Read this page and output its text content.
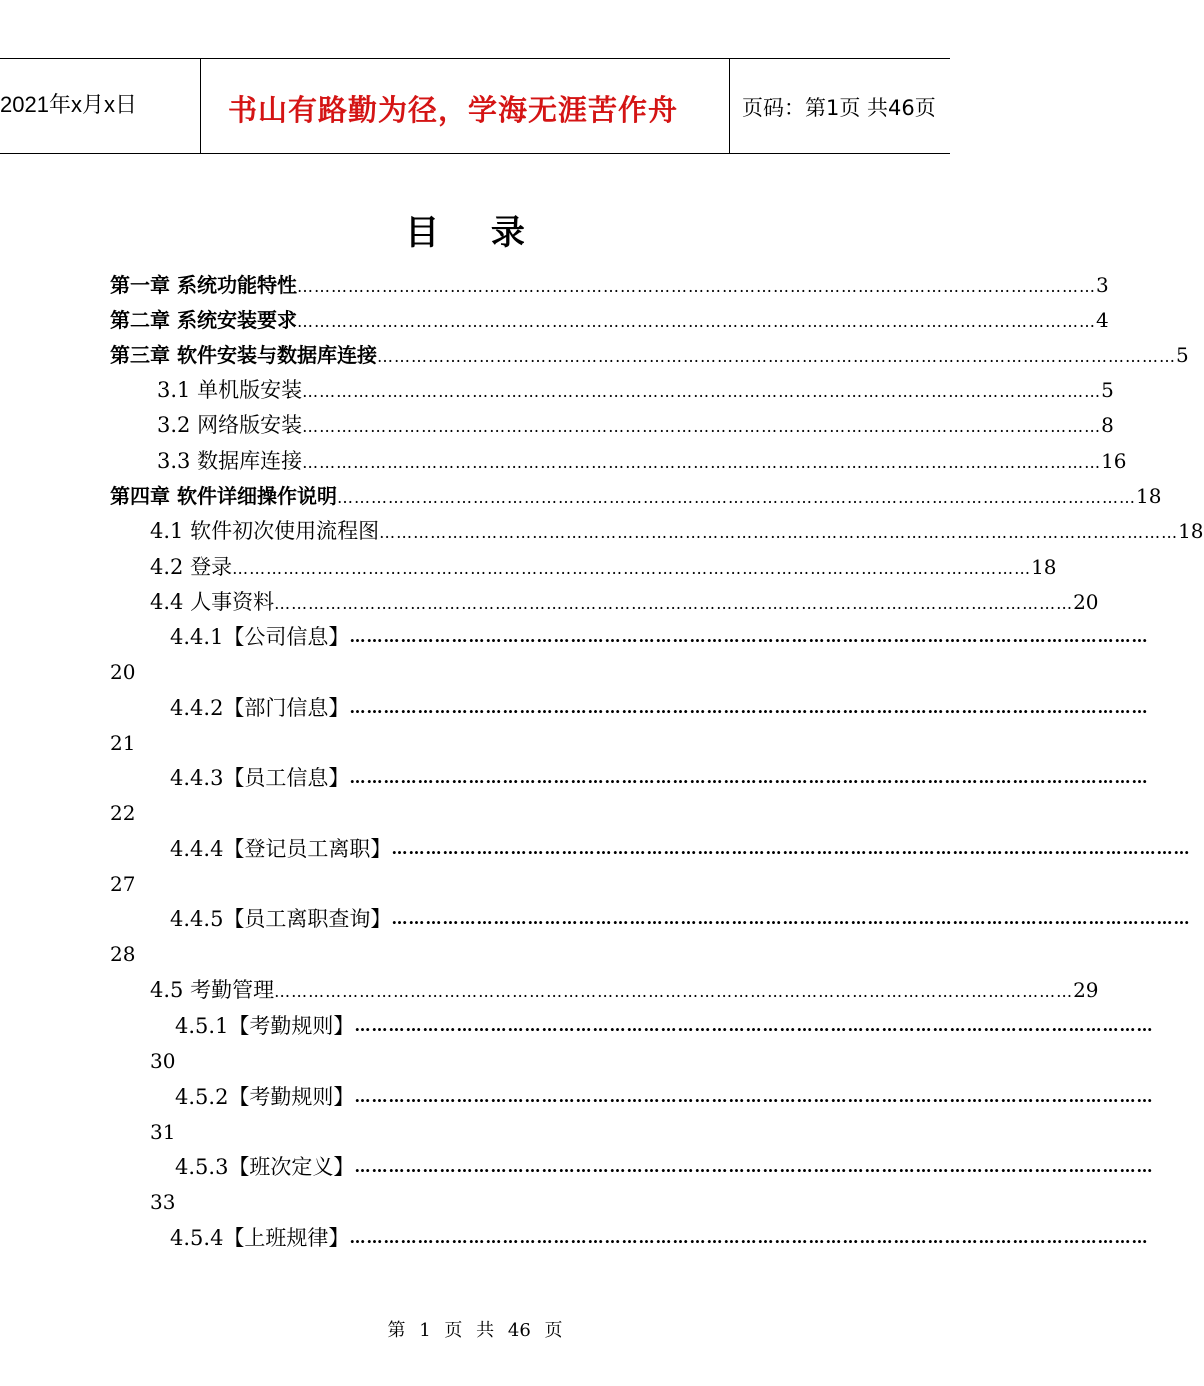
2021年x月x日	书山有路勤为径，学海无涯苦作舟	页码：第1页 共46页
目 录
第一章 系统功能特性 …………………………………………………………………………………………………………………………… 3
第二章 系统安装要求 …………………………………………………………………………………………………………………………… 4
第三章 软件安装与数据库连接 …………………………………………………………………………………………………………………………… 5
3.1 单机版安装 …………………………………………………………………………………………………………………………… 5
3.2 网络版安装 …………………………………………………………………………………………………………………………… 8
3.3 数据库连接 …………………………………………………………………………………………………………………………… 16
第四章 软件详细操作说明 …………………………………………………………………………………………………………………………… 18
4.1 软件初次使用流程图 …………………………………………………………………………………………………………………………… 18
4.2 登录 …………………………………………………………………………………………………………………………… 18
4.4 人事资料 …………………………………………………………………………………………………………………………… 20
4.4.1【公司信息】 ……………………………………………………………………………………………………………………………
20
4.4.2【部门信息】 ……………………………………………………………………………………………………………………………
21
4.4.3【员工信息】 ……………………………………………………………………………………………………………………………
22
4.4.4【登记员工离职】 ……………………………………………………………………………………………………………………………
27
4.4.5【员工离职查询】 ……………………………………………………………………………………………………………………………
28
4.5 考勤管理 …………………………………………………………………………………………………………………………… 29
4.5.1【考勤规则】 ……………………………………………………………………………………………………………………………
30
4.5.2【考勤规则】 ……………………………………………………………………………………………………………………………
31
4.5.3【班次定义】 ……………………………………………………………………………………………………………………………
33
4.5.4【上班规律】 ……………………………………………………………………………………………………………………………
第 1 页 共 46 页
